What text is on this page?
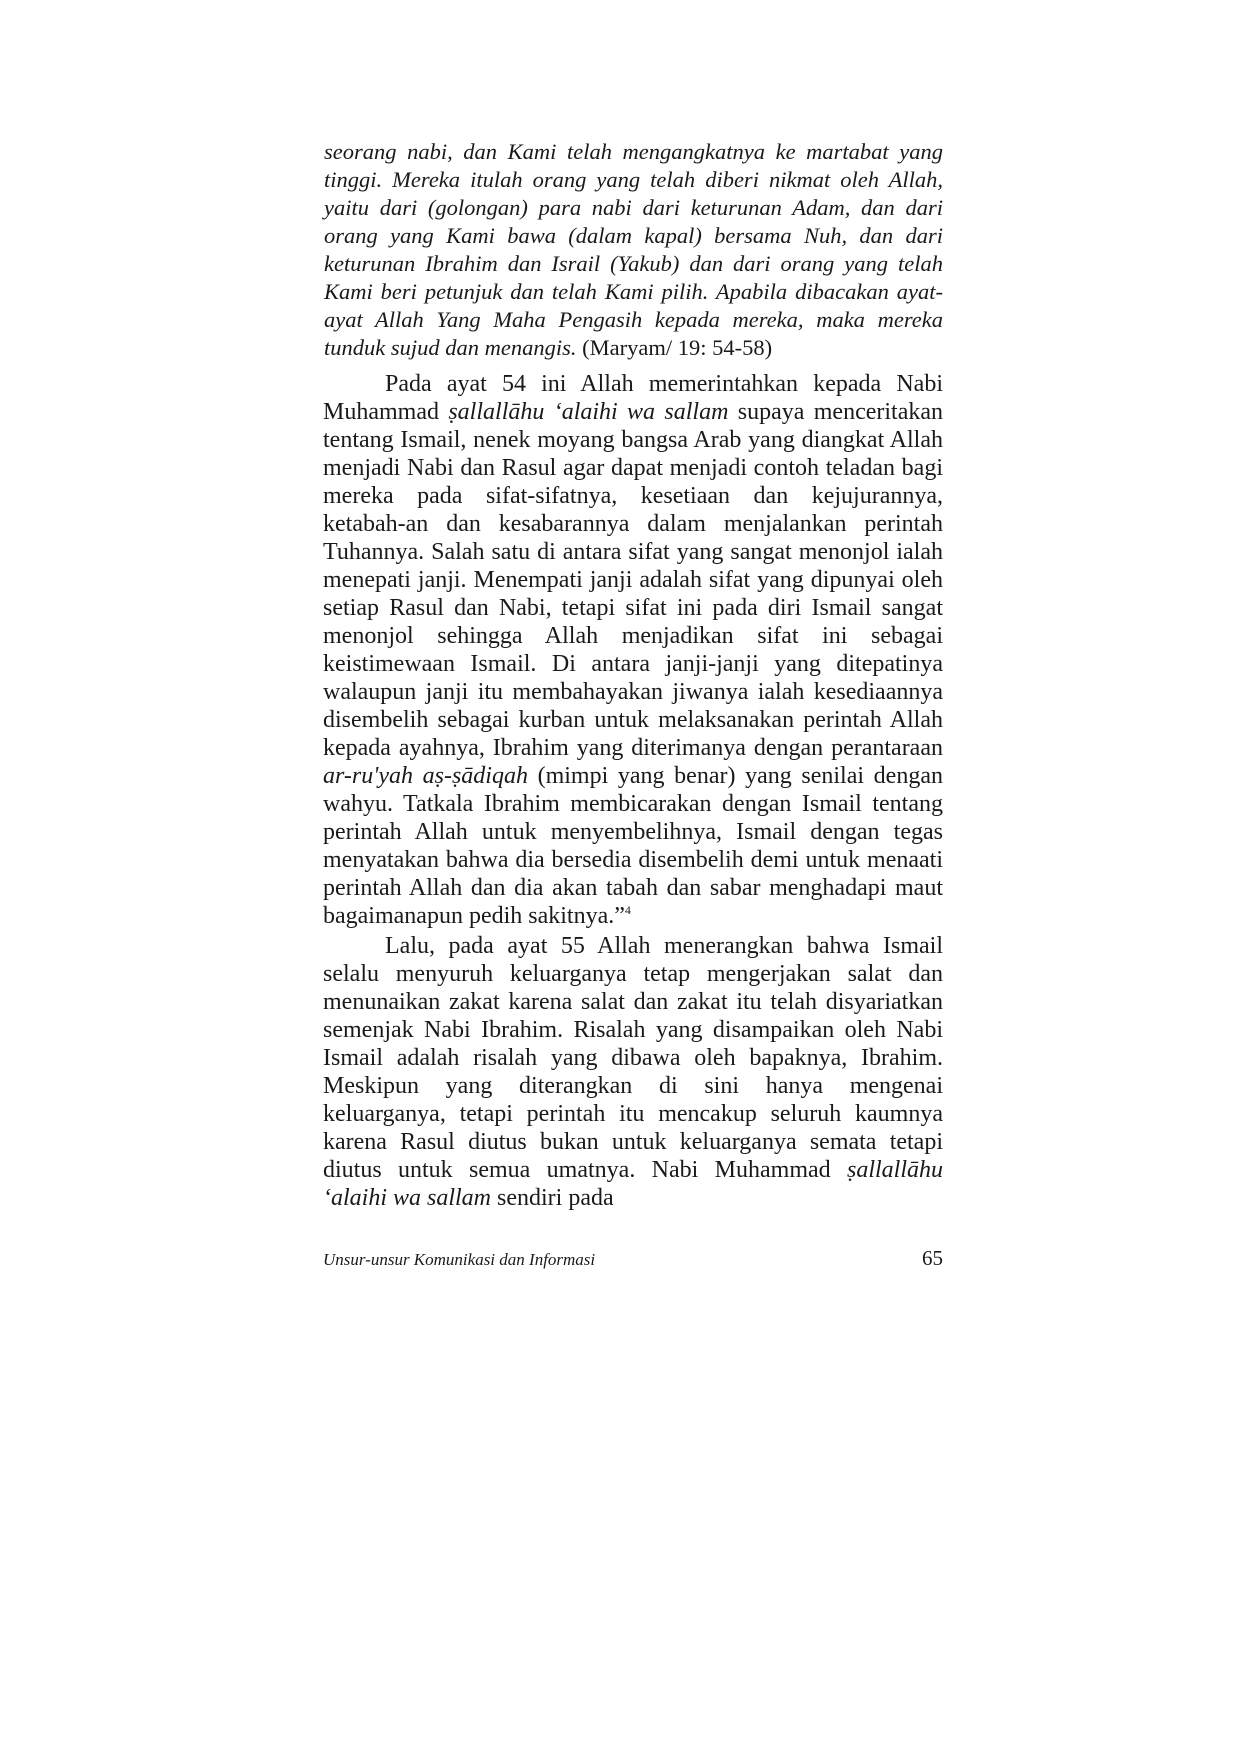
seorang nabi, dan Kami telah mengangkatnya ke martabat yang tinggi. Mereka itulah orang yang telah diberi nikmat oleh Allah, yaitu dari (golongan) para nabi dari keturunan Adam, dan dari orang yang Kami bawa (dalam kapal) bersama Nuh, dan dari keturunan Ibrahim dan Israil (Yakub) dan dari orang yang telah Kami beri petunjuk dan telah Kami pilih. Apabila dibacakan ayat-ayat Allah Yang Maha Pengasih kepada mereka, maka mereka tunduk sujud dan menangis. (Maryam/ 19: 54-58)

Pada ayat 54 ini Allah memerintahkan kepada Nabi Muhammad ṣallallāhu ‘alaihi wa sallam supaya menceritakan tentang Ismail, nenek moyang bangsa Arab yang diangkat Allah menjadi Nabi dan Rasul agar dapat menjadi contoh teladan bagi mereka pada sifat-sifatnya, kesetiaan dan kejujurannya, ketabah-an dan kesabarannya dalam menjalankan perintah Tuhannya. Salah satu di antara sifat yang sangat menonjol ialah menepati janji. Menempati janji adalah sifat yang dipunyai oleh setiap Rasul dan Nabi, tetapi sifat ini pada diri Ismail sangat menonjol sehingga Allah menjadikan sifat ini sebagai keistimewaan Ismail. Di antara janji-janji yang ditepatinya walaupun janji itu membahayakan jiwanya ialah kesediaannya disembelih sebagai kurban untuk melaksanakan perintah Allah kepada ayahnya, Ibrahim yang diterimanya dengan perantaraan ar-ru'yah aṣ-ṣādiqah (mimpi yang benar) yang senilai dengan wahyu. Tatkala Ibrahim membicarakan dengan Ismail tentang perintah Allah untuk menyembelihnya, Ismail dengan tegas menyatakan bahwa dia bersedia disembelih demi untuk menaati perintah Allah dan dia akan tabah dan sabar menghadapi maut bagaimanapun pedih sakitnya.”$^4$

Lalu, pada ayat 55 Allah menerangkan bahwa Ismail selalu menyuruh keluarganya tetap mengerjakan salat dan menunaikan zakat karena salat dan zakat itu telah disyariatkan semenjak Nabi Ibrahim. Risalah yang disampaikan oleh Nabi Ismail adalah risalah yang dibawa oleh bapaknya, Ibrahim. Meskipun yang diterangkan di sini hanya mengenai keluarganya, tetapi perintah itu mencakup seluruh kaumnya karena Rasul diutus bukan untuk keluarganya semata tetapi diutus untuk semua umatnya. Nabi Muhammad ṣallallāhu ‘alaihi wa sallam sendiri pada

Unsur-unsur Komunikasi dan Informasi	65
